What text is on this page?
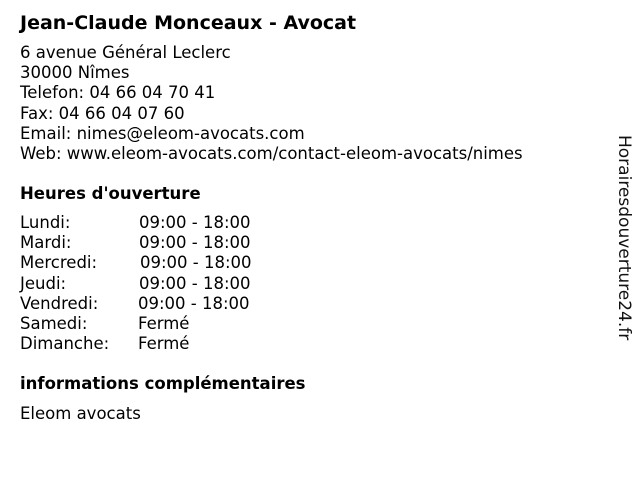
Jean-Claude Monceaux - Avocat
6 avenue Général Leclerc
30000 Nîmes
Telefon: 04 66 04 70 41
Fax: 04 66 04 07 60
Email: nimes@eleom-avocats.com
Web: www.eleom-avocats.com/contact-eleom-avocats/nimes
Heures d'ouverture
Lundi:	09:00 - 18:00
Mardi:	09:00 - 18:00
Mercredi:	09:00 - 18:00
Jeudi:	09:00 - 18:00
Vendredi: 09:00 - 18:00
Samedi:	Fermé
Dimanche: Fermé
informations complémentaires
Eleom avocats
Horairesdouverture24.fr
